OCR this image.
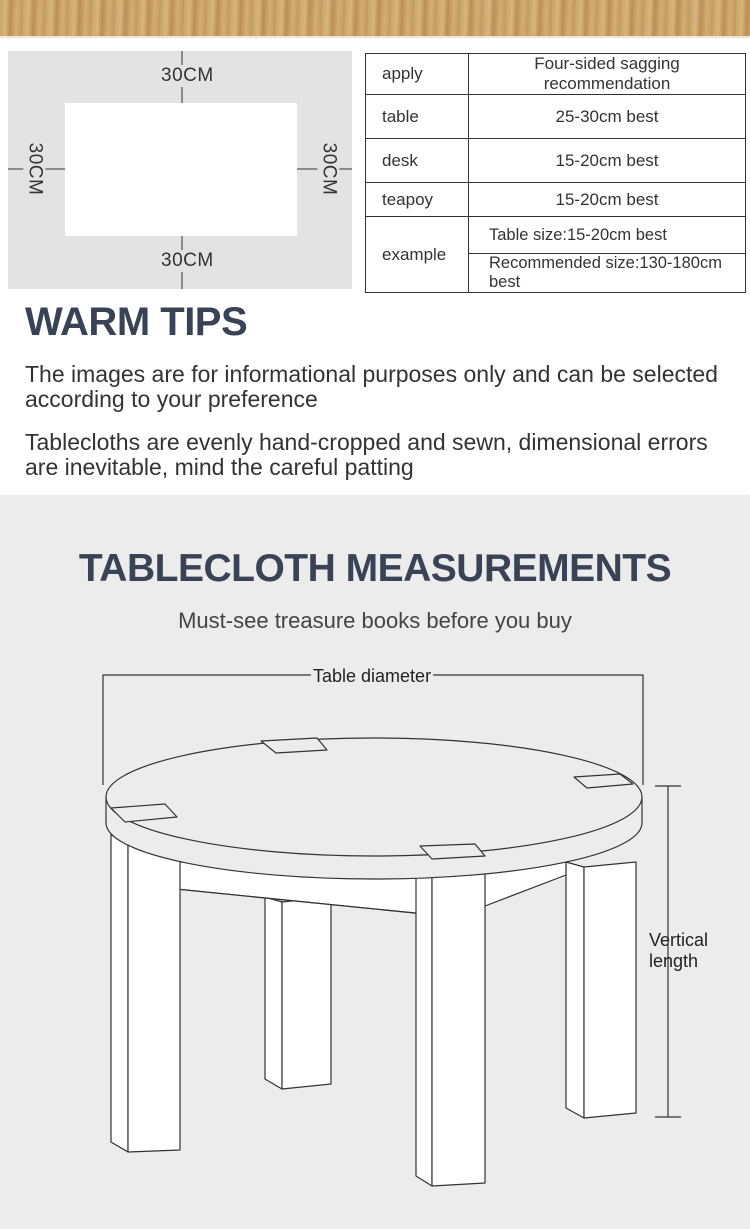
30CM
30CM
30CM	30CM
apply	Four-sided sagging recommendation
table	25-30cm best
desk	15-20cm best
teapoy	15-20cm best
example	Table size:15-20cm best
	Recommended size:130-180cm best
WARM TIPS
The images are for informational purposes only and can be selected according to your preference
Tablecloths are evenly hand-cropped and sewn, dimensional errors are inevitable, mind the careful patting
TABLECLOTH MEASUREMENTS
Must-see treasure books before you buy
Table diameter
Vertical
length
